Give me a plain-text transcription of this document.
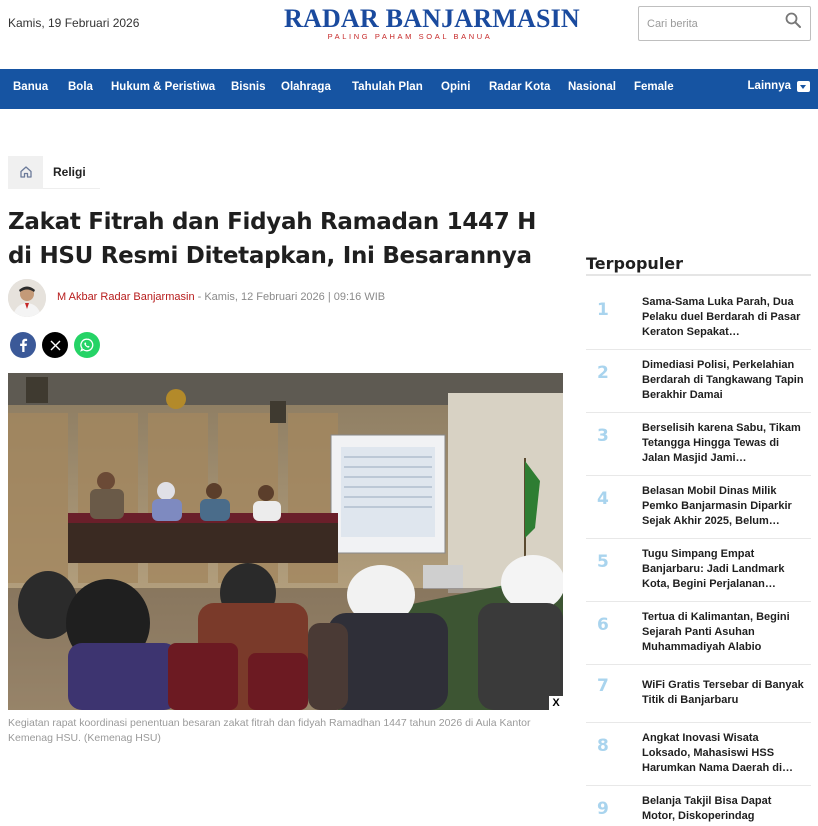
Kamis, 19 Februari 2026	RADAR BANJARMASIN
PALING PAHAM SOAL BANUA
Cari berita
Banua Bola Hukum & Peristiwa Bisnis Olahraga Tahulah Plan Opini Radar Kota Nasional Female	Lainnya
Religi
Zakat Fitrah dan Fidyah Ramadan 1447 H di HSU Resmi Ditetapkan, Ini Besarannya
M Akbar Radar Banjarmasin - Kamis, 12 Februari 2026 | 09:16 WIB
X
Kegiatan rapat koordinasi penentuan besaran zakat fitrah dan fidyah Ramadhan 1447 tahun 2026 di Aula Kantor Kemenag HSU. (Kemenag HSU)
Terpopuler
1	Sama-Sama Luka Parah, Dua Pelaku duel Berdarah di Pasar Keraton Sepakat…
2	Dimediasi Polisi, Perkelahian Berdarah di Tangkawang Tapin Berakhir Damai
3	Berselisih karena Sabu, Tikam Tetangga Hingga Tewas di Jalan Masjid Jami…
4	Belasan Mobil Dinas Milik Pemko Banjarmasin Diparkir Sejak Akhir 2025, Belum…
5	Tugu Simpang Empat Banjarbaru: Jadi Landmark Kota, Begini Perjalanan…
6	Tertua di Kalimantan, Begini Sejarah Panti Asuhan Muhammadiyah Alabio
7	WiFi Gratis Tersebar di Banyak Titik di Banjarbaru
8	Angkat Inovasi Wisata Loksado, Mahasiswi HSS Harumkan Nama Daerah di…
9	Belanja Takjil Bisa Dapat Motor, Diskoperindag
